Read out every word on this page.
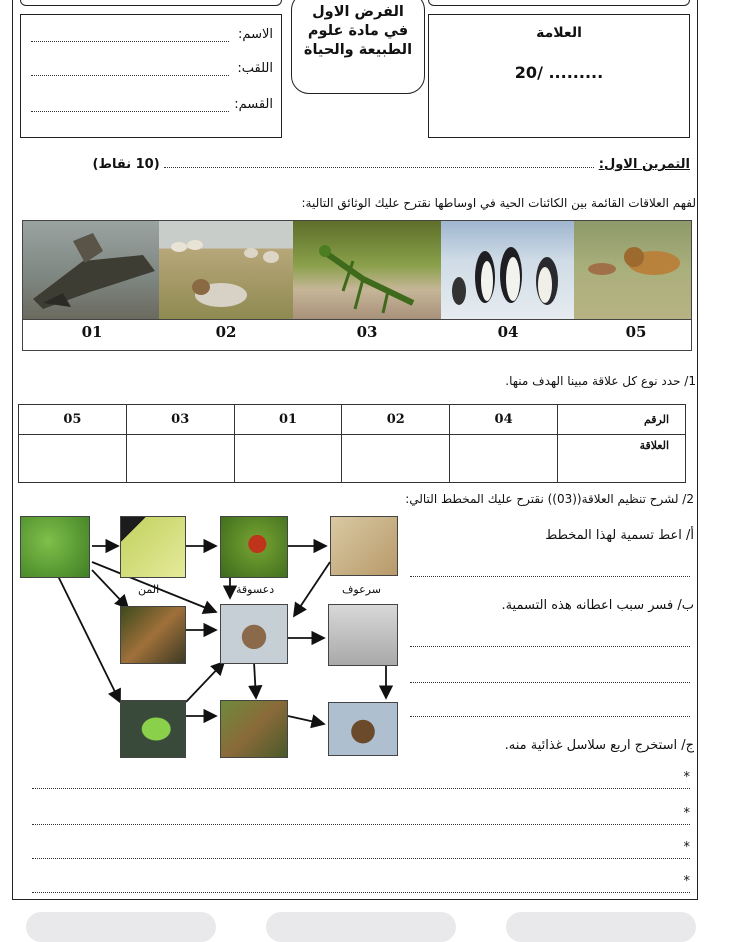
الاسم:
اللقب:
القسم:
الفرض الاول
في مادة علوم
الطبيعة والحياة
العلامة
20/ .........
التمرين الاول:  (10 نقاط)
لفهم العلاقات القائمة بين الكائنات الحية في اوساطها نقترح عليك الوثائق التالية:
01	02	03	04	05
1/ حدد نوع كل علاقة مبينا الهدف منها.
الرقم	04	02	01	03	05
العلاقة					
2/ لشرح تنظيم العلاقة((03)) نقترح عليك المخطط التالي:
المن	دعسوقة	سرعوف
أ/ اعط تسمية لهذا المخطط
ب/ فسر سبب اعطانه هذه التسمية.
ج/ استخرج اربع سلاسل غذائية منه.
*
*
*
*
